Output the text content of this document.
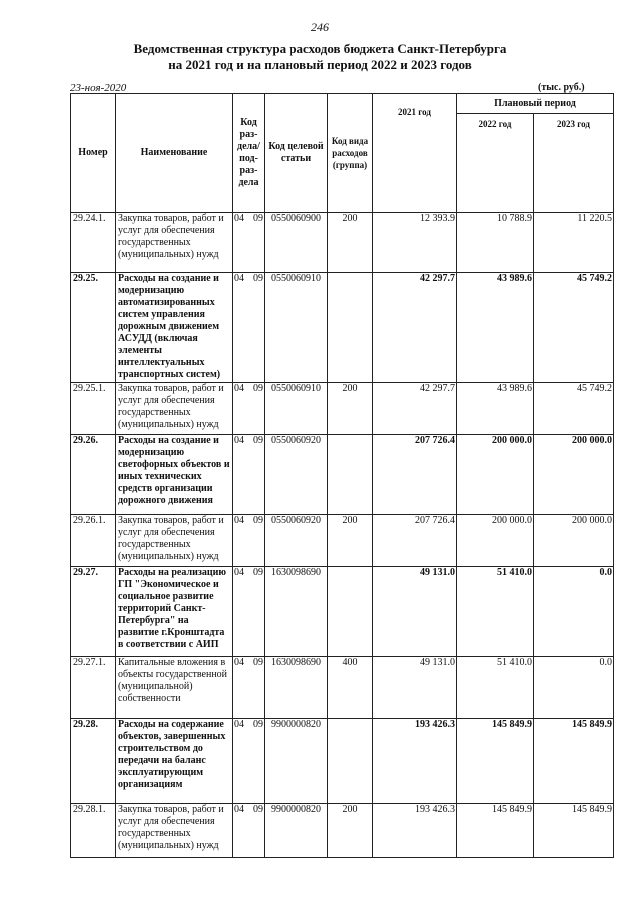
246
Ведомственная структура расходов бюджета Санкт-Петербурга
на 2021 год и на плановый период 2022 и 2023 годов
23-ноя-2020	(тыс. руб.)
Номер	Наименование	Код раз- дела/ под- раз- дела	Код целевой статьи	Код вида расходов (группа)	2021 год	Плановый период	
						2022 год	2023 год
29.24.1.	Закупка товаров, работ и услуг для обеспечения государственных (муниципальных) нужд	04 09	0550060900	200	12 393.9	10 788.9	11 220.5
29.25.	Расходы на создание и модернизацию автоматизированных систем управления дорожным движением АСУДД (включая элементы интеллектуальных транспортных систем)	04 09	0550060910		42 297.7	43 989.6	45 749.2
29.25.1.	Закупка товаров, работ и услуг для обеспечения государственных (муниципальных) нужд	04 09	0550060910	200	42 297.7	43 989.6	45 749.2
29.26.	Расходы на создание и модернизацию светофорных объектов и иных технических средств организации дорожного движения	04 09	0550060920		207 726.4	200 000.0	200 000.0
29.26.1.	Закупка товаров, работ и услуг для обеспечения государственных (муниципальных) нужд	04 09	0550060920	200	207 726.4	200 000.0	200 000.0
29.27.	Расходы на реализацию ГП "Экономическое и социальное развитие территорий Санкт-Петербурга" на развитие г.Кронштадта в соответствии с АИП	04 09	1630098690		49 131.0	51 410.0	0.0
29.27.1.	Капитальные вложения в объекты государственной (муниципальной) собственности	04 09	1630098690	400	49 131.0	51 410.0	0.0
29.28.	Расходы на содержание объектов, завершенных строительством до передачи на баланс эксплуатирующим организациям	04 09	9900000820		193 426.3	145 849.9	145 849.9
29.28.1.	Закупка товаров, работ и услуг для обеспечения государственных (муниципальных) нужд	04 09	9900000820	200	193 426.3	145 849.9	145 849.9
